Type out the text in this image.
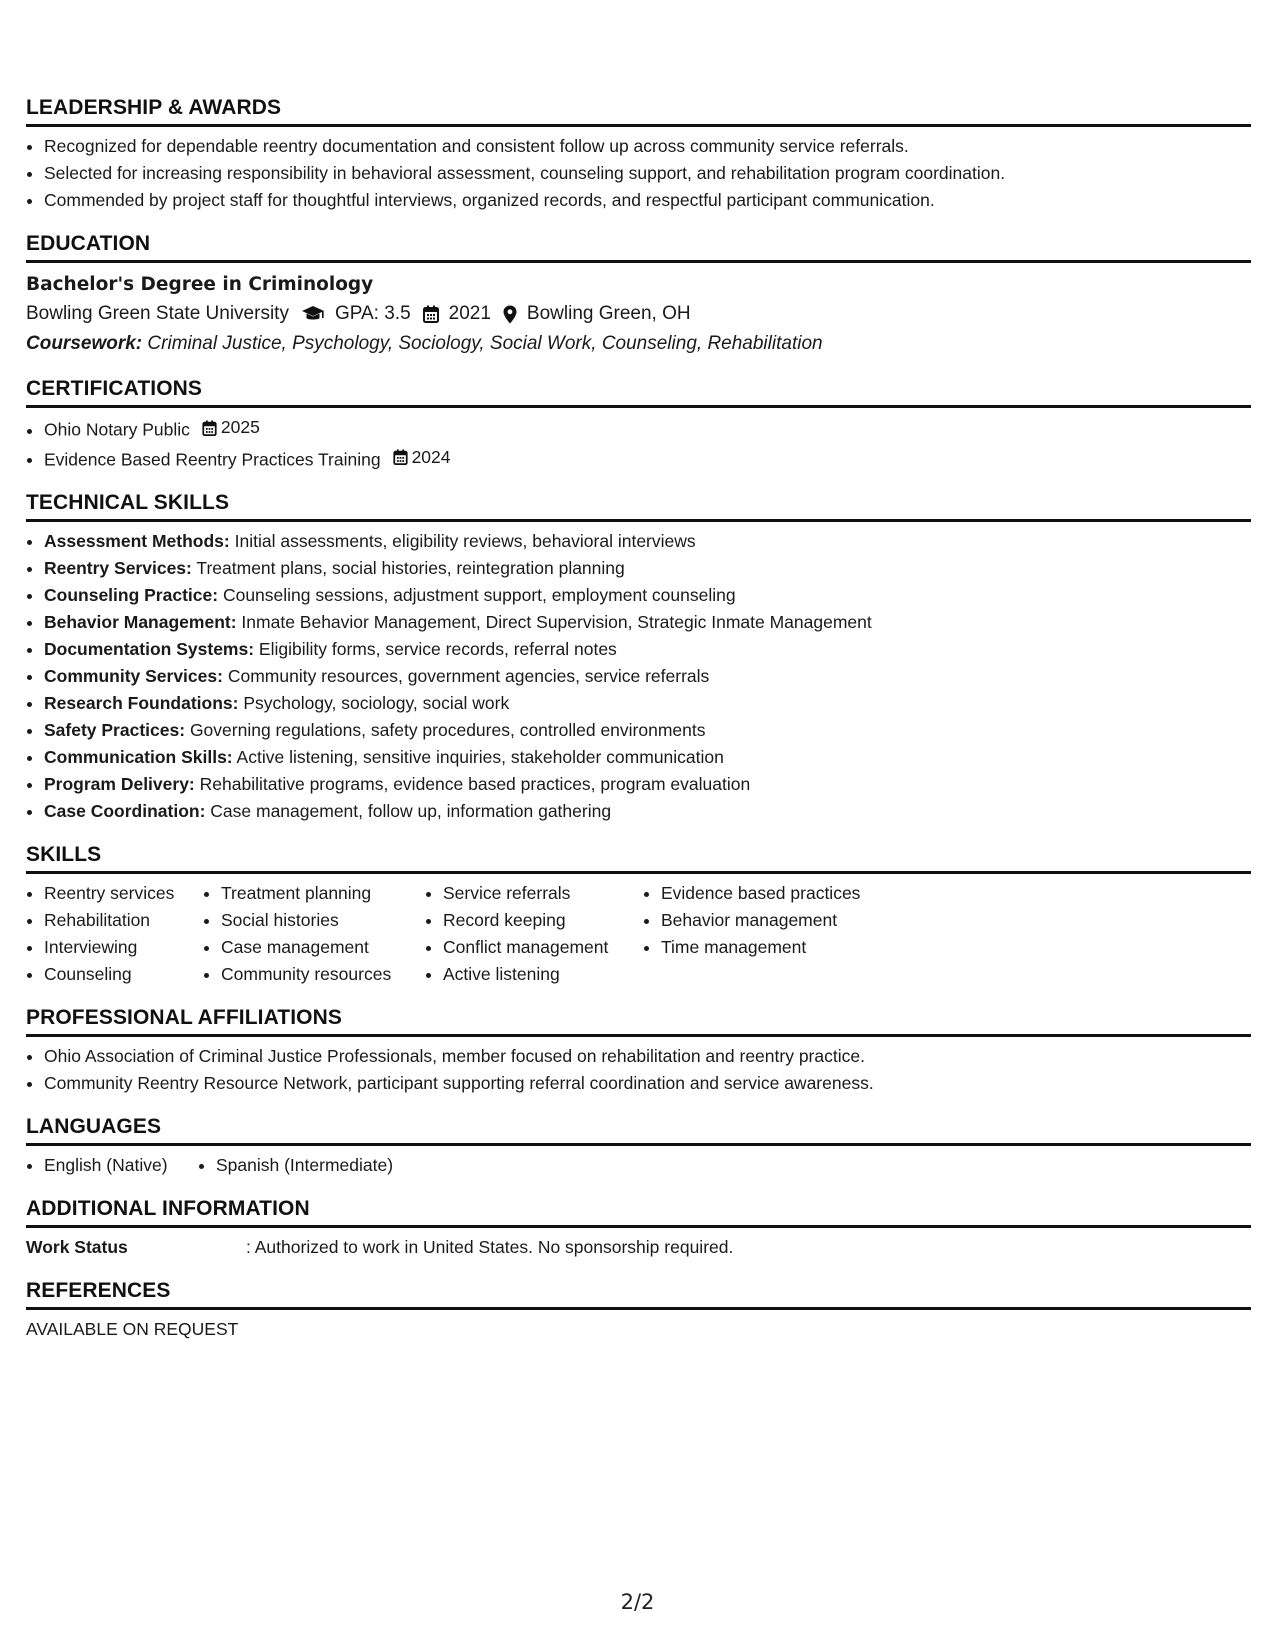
LEADERSHIP & AWARDS
• Recognized for dependable reentry documentation and consistent follow up across community service referrals.
• Selected for increasing responsibility in behavioral assessment, counseling support, and rehabilitation program coordination.
• Commended by project staff for thoughtful interviews, organized records, and respectful participant communication.
EDUCATION
Bachelor's Degree in Criminology
Bowling Green State University GPA: 3.5 2021 Bowling Green, OH
Coursework: Criminal Justice, Psychology, Sociology, Social Work, Counseling, Rehabilitation
CERTIFICATIONS
• Ohio Notary Public 2025
• Evidence Based Reentry Practices Training 2024
TECHNICAL SKILLS
• Assessment Methods: Initial assessments, eligibility reviews, behavioral interviews
• Reentry Services: Treatment plans, social histories, reintegration planning
• Counseling Practice: Counseling sessions, adjustment support, employment counseling
• Behavior Management: Inmate Behavior Management, Direct Supervision, Strategic Inmate Management
• Documentation Systems: Eligibility forms, service records, referral notes
• Community Services: Community resources, government agencies, service referrals
• Research Foundations: Psychology, sociology, social work
• Safety Practices: Governing regulations, safety procedures, controlled environments
• Communication Skills: Active listening, sensitive inquiries, stakeholder communication
• Program Delivery: Rehabilitative programs, evidence based practices, program evaluation
• Case Coordination: Case management, follow up, information gathering
SKILLS
• Reentry services
• Rehabilitation
• Interviewing
• Counseling
• Treatment planning
• Social histories
• Case management
• Community resources
• Service referrals
• Record keeping
• Conflict management
• Active listening
• Evidence based practices
• Behavior management
• Time management
PROFESSIONAL AFFILIATIONS
• Ohio Association of Criminal Justice Professionals, member focused on rehabilitation and reentry practice.
• Community Reentry Resource Network, participant supporting referral coordination and service awareness.
LANGUAGES
• English (Native)
•	Spanish (Intermediate)
ADDITIONAL INFORMATION
Work Status	: Authorized to work in United States. No sponsorship required.
REFERENCES
AVAILABLE ON REQUEST
2/2
